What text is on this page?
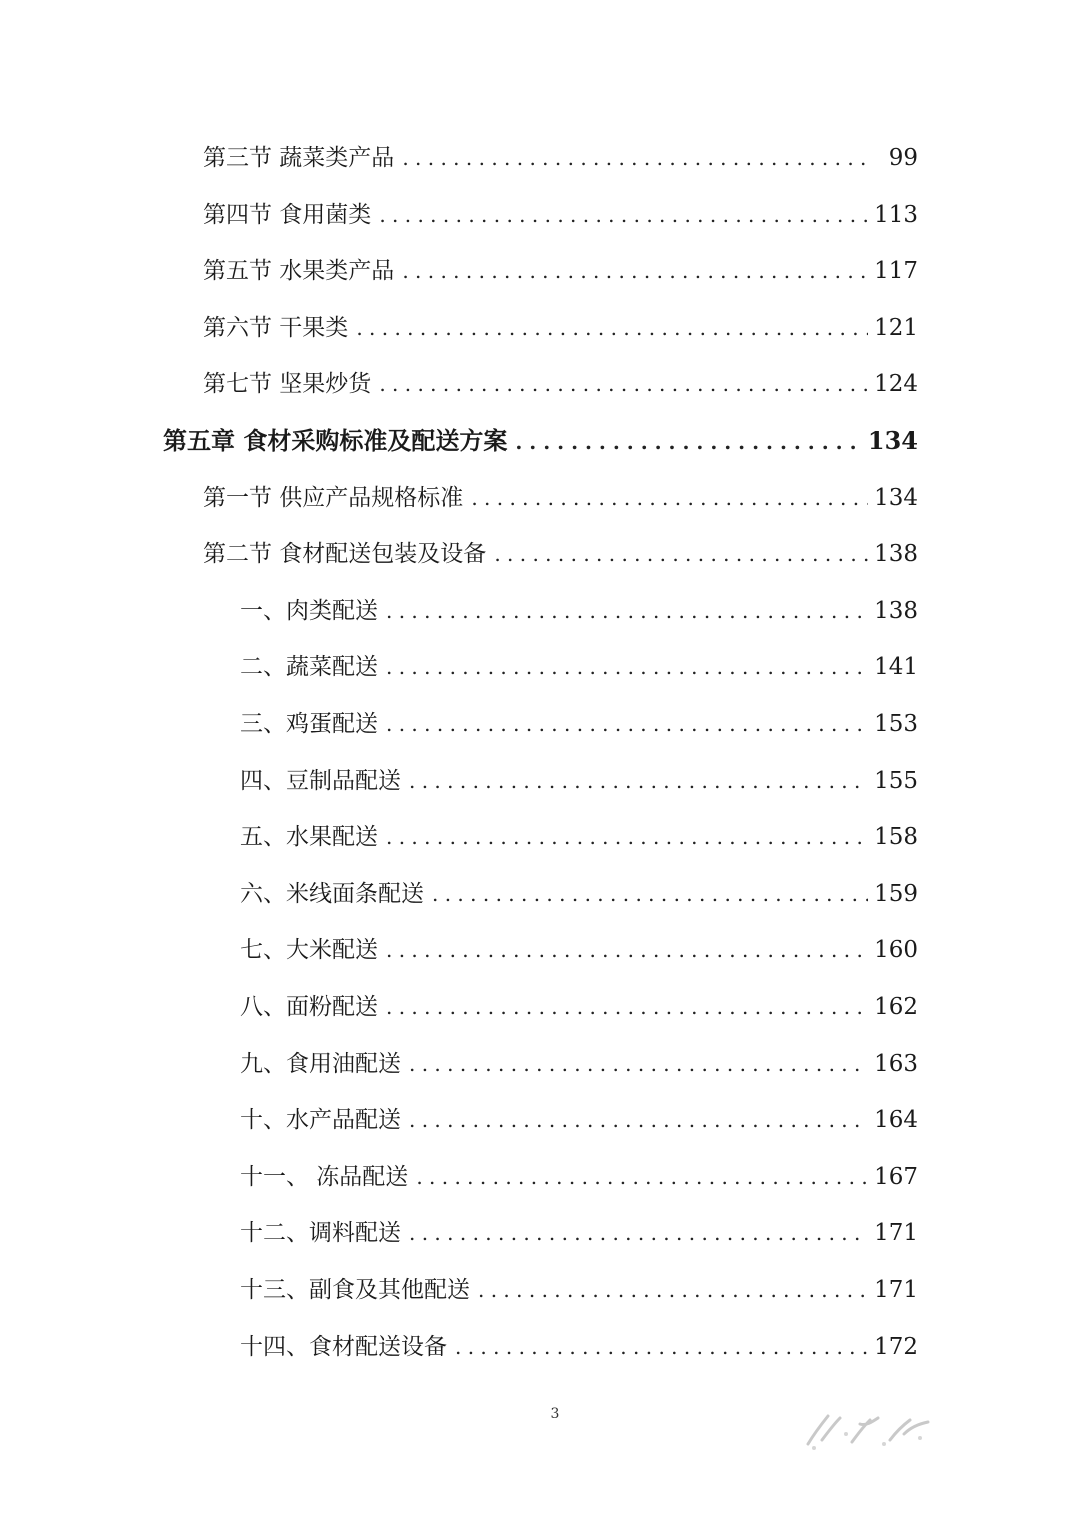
第三节 蔬菜类产品 . . .	99
第四节 食用菌类 . . .	113
第五节 水果类产品 . . .	117
第六节 干果类 . . .	121
第七节 坚果炒货 . . .	124
第五章 食材采购标准及配送方案 . . .	134
第一节 供应产品规格标准 . . .	134
第二节 食材配送包装及设备 . . .	138
一、肉类配送 . . .	138
二、蔬菜配送 . . .	141
三、鸡蛋配送 . . .	153
四、豆制品配送 . . .	155
五、水果配送 . . .	158
六、米线面条配送 . . .	159
七、大米配送 . . .	160
八、面粉配送 . . .	162
九、食用油配送 . . .	163
十、水产品配送 . . .	164
十一、 冻品配送 . . .	167
十二、调料配送 . . .	171
十三、副食及其他配送 . . .	171
十四、食材配送设备 . . .	172
3
